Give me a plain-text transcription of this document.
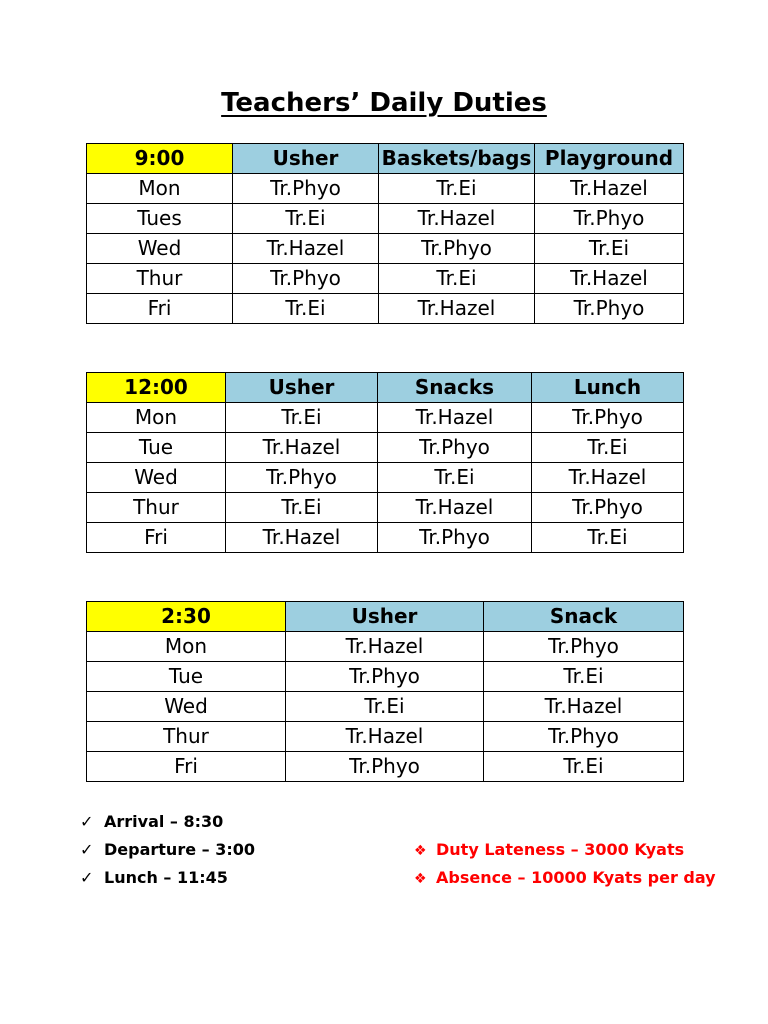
Teachers’ Daily Duties
9:00	Usher	Baskets/bags	Playground
Mon	Tr.Phyo	Tr.Ei	Tr.Hazel
Tues	Tr.Ei	Tr.Hazel	Tr.Phyo
Wed	Tr.Hazel	Tr.Phyo	Tr.Ei
Thur	Tr.Phyo	Tr.Ei	Tr.Hazel
Fri	Tr.Ei	Tr.Hazel	Tr.Phyo
12:00	Usher	Snacks	Lunch
Mon	Tr.Ei	Tr.Hazel	Tr.Phyo
Tue	Tr.Hazel	Tr.Phyo	Tr.Ei
Wed	Tr.Phyo	Tr.Ei	Tr.Hazel
Thur	Tr.Ei	Tr.Hazel	Tr.Phyo
Fri	Tr.Hazel	Tr.Phyo	Tr.Ei
2:30	Usher	Snack
Mon	Tr.Hazel	Tr.Phyo
Tue	Tr.Phyo	Tr.Ei
Wed	Tr.Ei	Tr.Hazel
Thur	Tr.Hazel	Tr.Phyo
Fri	Tr.Phyo	Tr.Ei
✓ Arrival – 8:30
✓ Departure – 3:00
✓ Lunch – 11:45
❖ Duty Lateness – 3000 Kyats
❖ Absence – 10000 Kyats per day
